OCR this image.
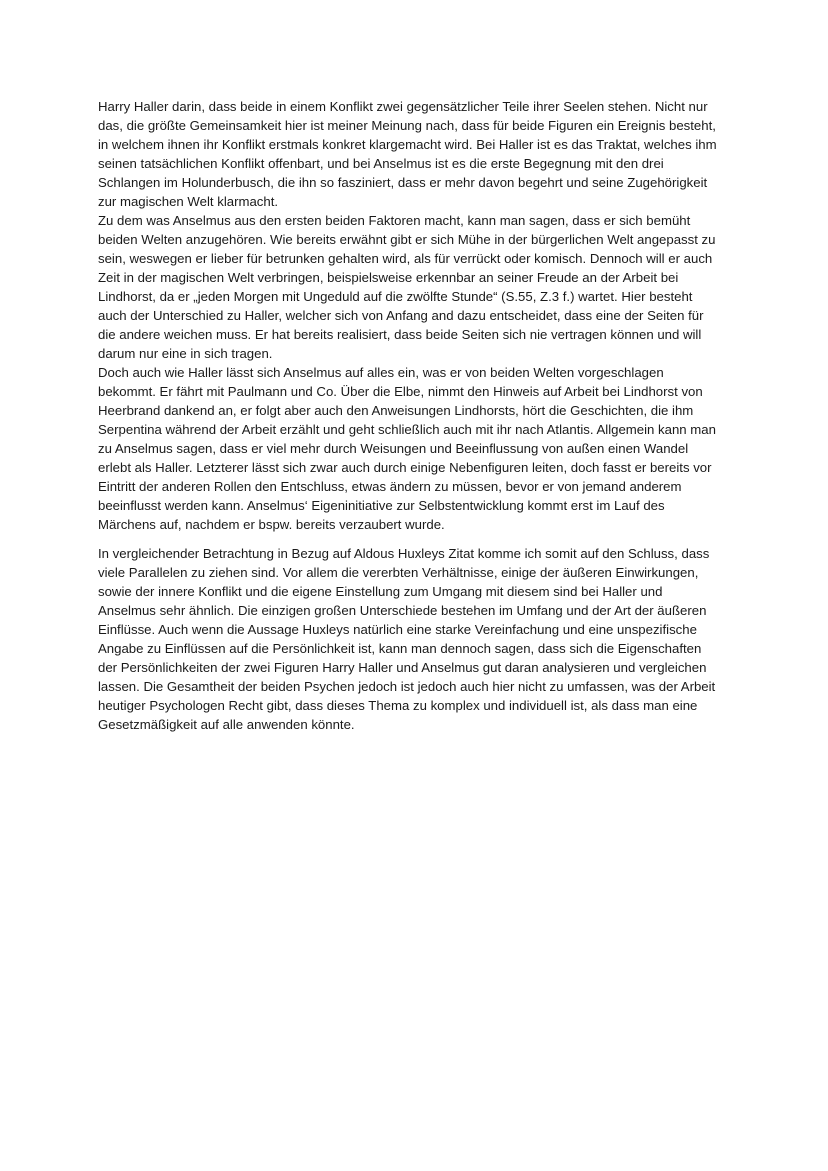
Harry Haller darin, dass beide in einem Konflikt zwei gegensätzlicher Teile ihrer Seelen stehen. Nicht nur das, die größte Gemeinsamkeit hier ist meiner Meinung nach, dass für beide Figuren ein Ereignis besteht, in welchem ihnen ihr Konflikt erstmals konkret klargemacht wird. Bei Haller ist es das Traktat, welches ihm seinen tatsächlichen Konflikt offenbart, und bei Anselmus ist es die erste Begegnung mit den drei Schlangen im Holunderbusch, die ihn so fasziniert, dass er mehr davon begehrt und seine Zugehörigkeit zur magischen Welt klarmacht.

Zu dem was Anselmus aus den ersten beiden Faktoren macht, kann man sagen, dass er sich bemüht beiden Welten anzugehören. Wie bereits erwähnt gibt er sich Mühe in der bürgerlichen Welt angepasst zu sein, weswegen er lieber für betrunken gehalten wird, als für verrückt oder komisch. Dennoch will er auch Zeit in der magischen Welt verbringen, beispielsweise erkennbar an seiner Freude an der Arbeit bei Lindhorst, da er „jeden Morgen mit Ungeduld auf die zwölfte Stunde“ (S.55, Z.3 f.) wartet. Hier besteht auch der Unterschied zu Haller, welcher sich von Anfang and dazu entscheidet, dass eine der Seiten für die andere weichen muss. Er hat bereits realisiert, dass beide Seiten sich nie vertragen können und will darum nur eine in sich tragen.

Doch auch wie Haller lässt sich Anselmus auf alles ein, was er von beiden Welten vorgeschlagen bekommt. Er fährt mit Paulmann und Co. Über die Elbe, nimmt den Hinweis auf Arbeit bei Lindhorst von Heerbrand dankend an, er folgt aber auch den Anweisungen Lindhorsts, hört die Geschichten, die ihm Serpentina während der Arbeit erzählt und geht schließlich auch mit ihr nach Atlantis. Allgemein kann man zu Anselmus sagen, dass er viel mehr durch Weisungen und Beeinflussung von außen einen Wandel erlebt als Haller. Letzterer lässt sich zwar auch durch einige Nebenfiguren leiten, doch fasst er bereits vor Eintritt der anderen Rollen den Entschluss, etwas ändern zu müssen, bevor er von jemand anderem beeinflusst werden kann. Anselmus‘ Eigeninitiative zur Selbstentwicklung kommt erst im Lauf des Märchens auf, nachdem er bspw. bereits verzaubert wurde.

In vergleichender Betrachtung in Bezug auf Aldous Huxleys Zitat komme ich somit auf den Schluss, dass viele Parallelen zu ziehen sind. Vor allem die vererbten Verhältnisse, einige der äußeren Einwirkungen, sowie der innere Konflikt und die eigene Einstellung zum Umgang mit diesem sind bei Haller und Anselmus sehr ähnlich. Die einzigen großen Unterschiede bestehen im Umfang und der Art der äußeren Einflüsse. Auch wenn die Aussage Huxleys natürlich eine starke Vereinfachung und eine unspezifische Angabe zu Einflüssen auf die Persönlichkeit ist, kann man dennoch sagen, dass sich die Eigenschaften der Persönlichkeiten der zwei Figuren Harry Haller und Anselmus gut daran analysieren und vergleichen lassen. Die Gesamtheit der beiden Psychen jedoch ist jedoch auch hier nicht zu umfassen, was der Arbeit heutiger Psychologen Recht gibt, dass dieses Thema zu komplex und individuell ist, als dass man eine Gesetzmäßigkeit auf alle anwenden könnte.
